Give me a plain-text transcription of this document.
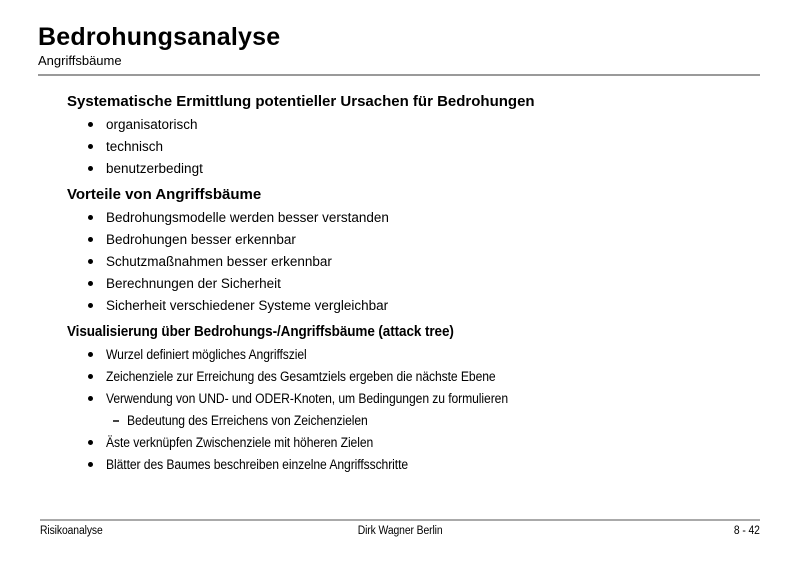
Bedrohungsanalyse
Angriffsbäume
Systematische Ermittlung potentieller Ursachen für Bedrohungen
organisatorisch
technisch
benutzerbedingt
Vorteile von Angriffsbäume
Bedrohungsmodelle werden besser verstanden
Bedrohungen besser erkennbar
Schutzmaßnahmen besser erkennbar
Berechnungen der Sicherheit
Sicherheit verschiedener Systeme vergleichbar
Visualisierung über Bedrohungs-/Angriffsbäume (attack tree)
Wurzel definiert mögliches Angriffsziel
Zeichenziele zur Erreichung des Gesamtziels ergeben die nächste Ebene
Verwendung von UND- und ODER-Knoten, um Bedingungen zu formulieren
Bedeutung des Erreichens von Zeichenzielen
Äste verknüpfen Zwischenziele mit höheren Zielen
Blätter des Baumes beschreiben einzelne Angriffsschritte
Risikoanalyse	Dirk Wagner Berlin	8 - 42
